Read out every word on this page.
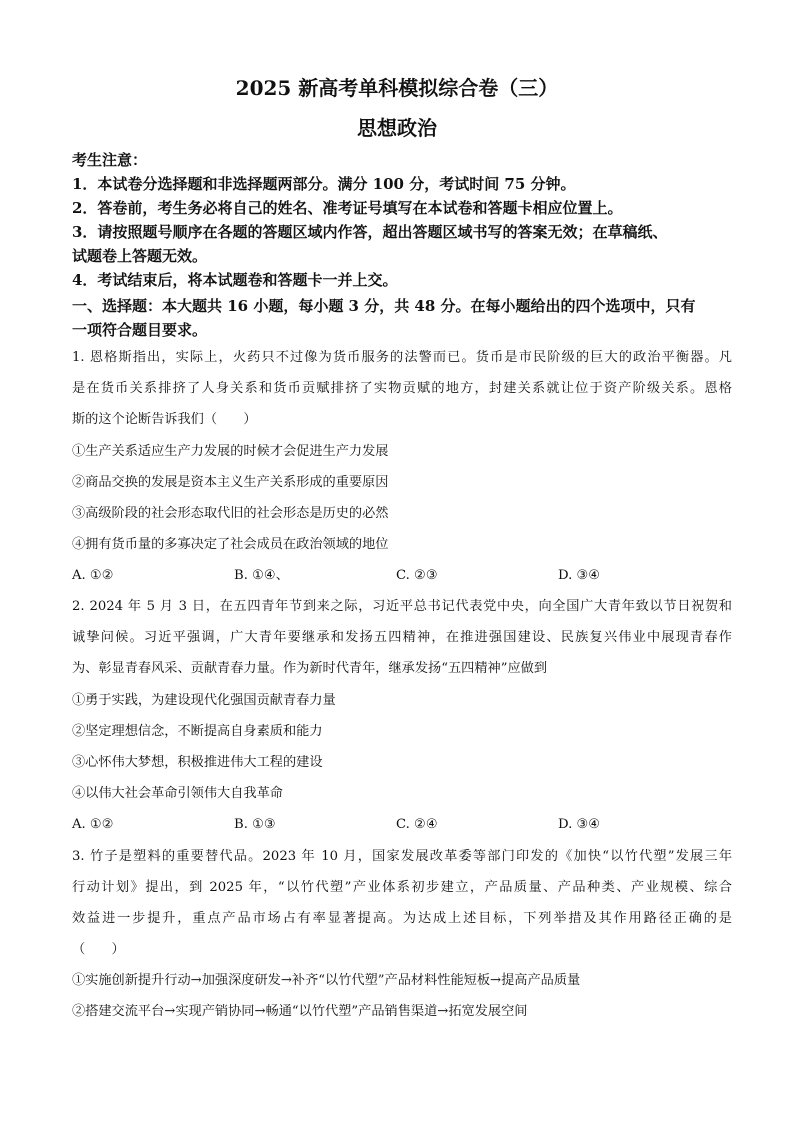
2025 新高考单科模拟综合卷（三）
思想政治
考生注意：
1．本试卷分选择题和非选择题两部分。满分 100 分，考试时间 75 分钟。
2．答卷前，考生务必将自己的姓名、准考证号填写在本试卷和答题卡相应位置上。
3．请按照题号顺序在各题的答题区域内作答，超出答题区域书写的答案无效；在草稿纸、
试题卷上答题无效。
4．考试结束后，将本试题卷和答题卡一并上交。
一、选择题：本大题共 16 小题，每小题 3 分，共 48 分。在每小题给出的四个选项中，只有
一项符合题目要求。
1. 恩格斯指出，实际上，火药只不过像为货币服务的法警而已。货币是市民阶级的巨大的政治平衡器。凡
是在货币关系排挤了人身关系和货币贡赋排挤了实物贡赋的地方，封建关系就让位于资产阶级关系。恩格
斯的这个论断告诉我们（　　）
①生产关系适应生产力发展的时候才会促进生产力发展
②商品交换的发展是资本主义生产关系形成的重要原因
③高级阶段的社会形态取代旧的社会形态是历史的必然
④拥有货币量的多寡决定了社会成员在政治领域的地位
A. ①②	B. ①④、	C. ②③	D. ③④
2. 2024 年 5 月 3 日，在五四青年节到来之际，习近平总书记代表党中央，向全国广大青年致以节日祝贺和
诚挚问候。习近平强调，广大青年要继承和发扬五四精神，在推进强国建设、民族复兴伟业中展现青春作
为、彰显青春风采、贡献青春力量。作为新时代青年，继承发扬“五四精神”应做到
①勇于实践，为建设现代化强国贡献青春力量
②坚定理想信念，不断提高自身素质和能力
③心怀伟大梦想，积极推进伟大工程的建设
④以伟大社会革命引领伟大自我革命
A. ①②	B. ①③	C. ②④	D. ③④
3. 竹子是塑料的重要替代品。2023 年 10 月，国家发展改革委等部门印发的《加快“以竹代塑”发展三年
行动计划》提出，到 2025 年，“以竹代塑”产业体系初步建立，产品质量、产品种类、产业规模、综合
效益进一步提升，重点产品市场占有率显著提高。为达成上述目标，下列举措及其作用路径正确的是
（　　）
①实施创新提升行动→加强深度研发→补齐“以竹代塑”产品材料性能短板→提高产品质量
②搭建交流平台→实现产销协同→畅通“以竹代塑”产品销售渠道→拓宽发展空间
